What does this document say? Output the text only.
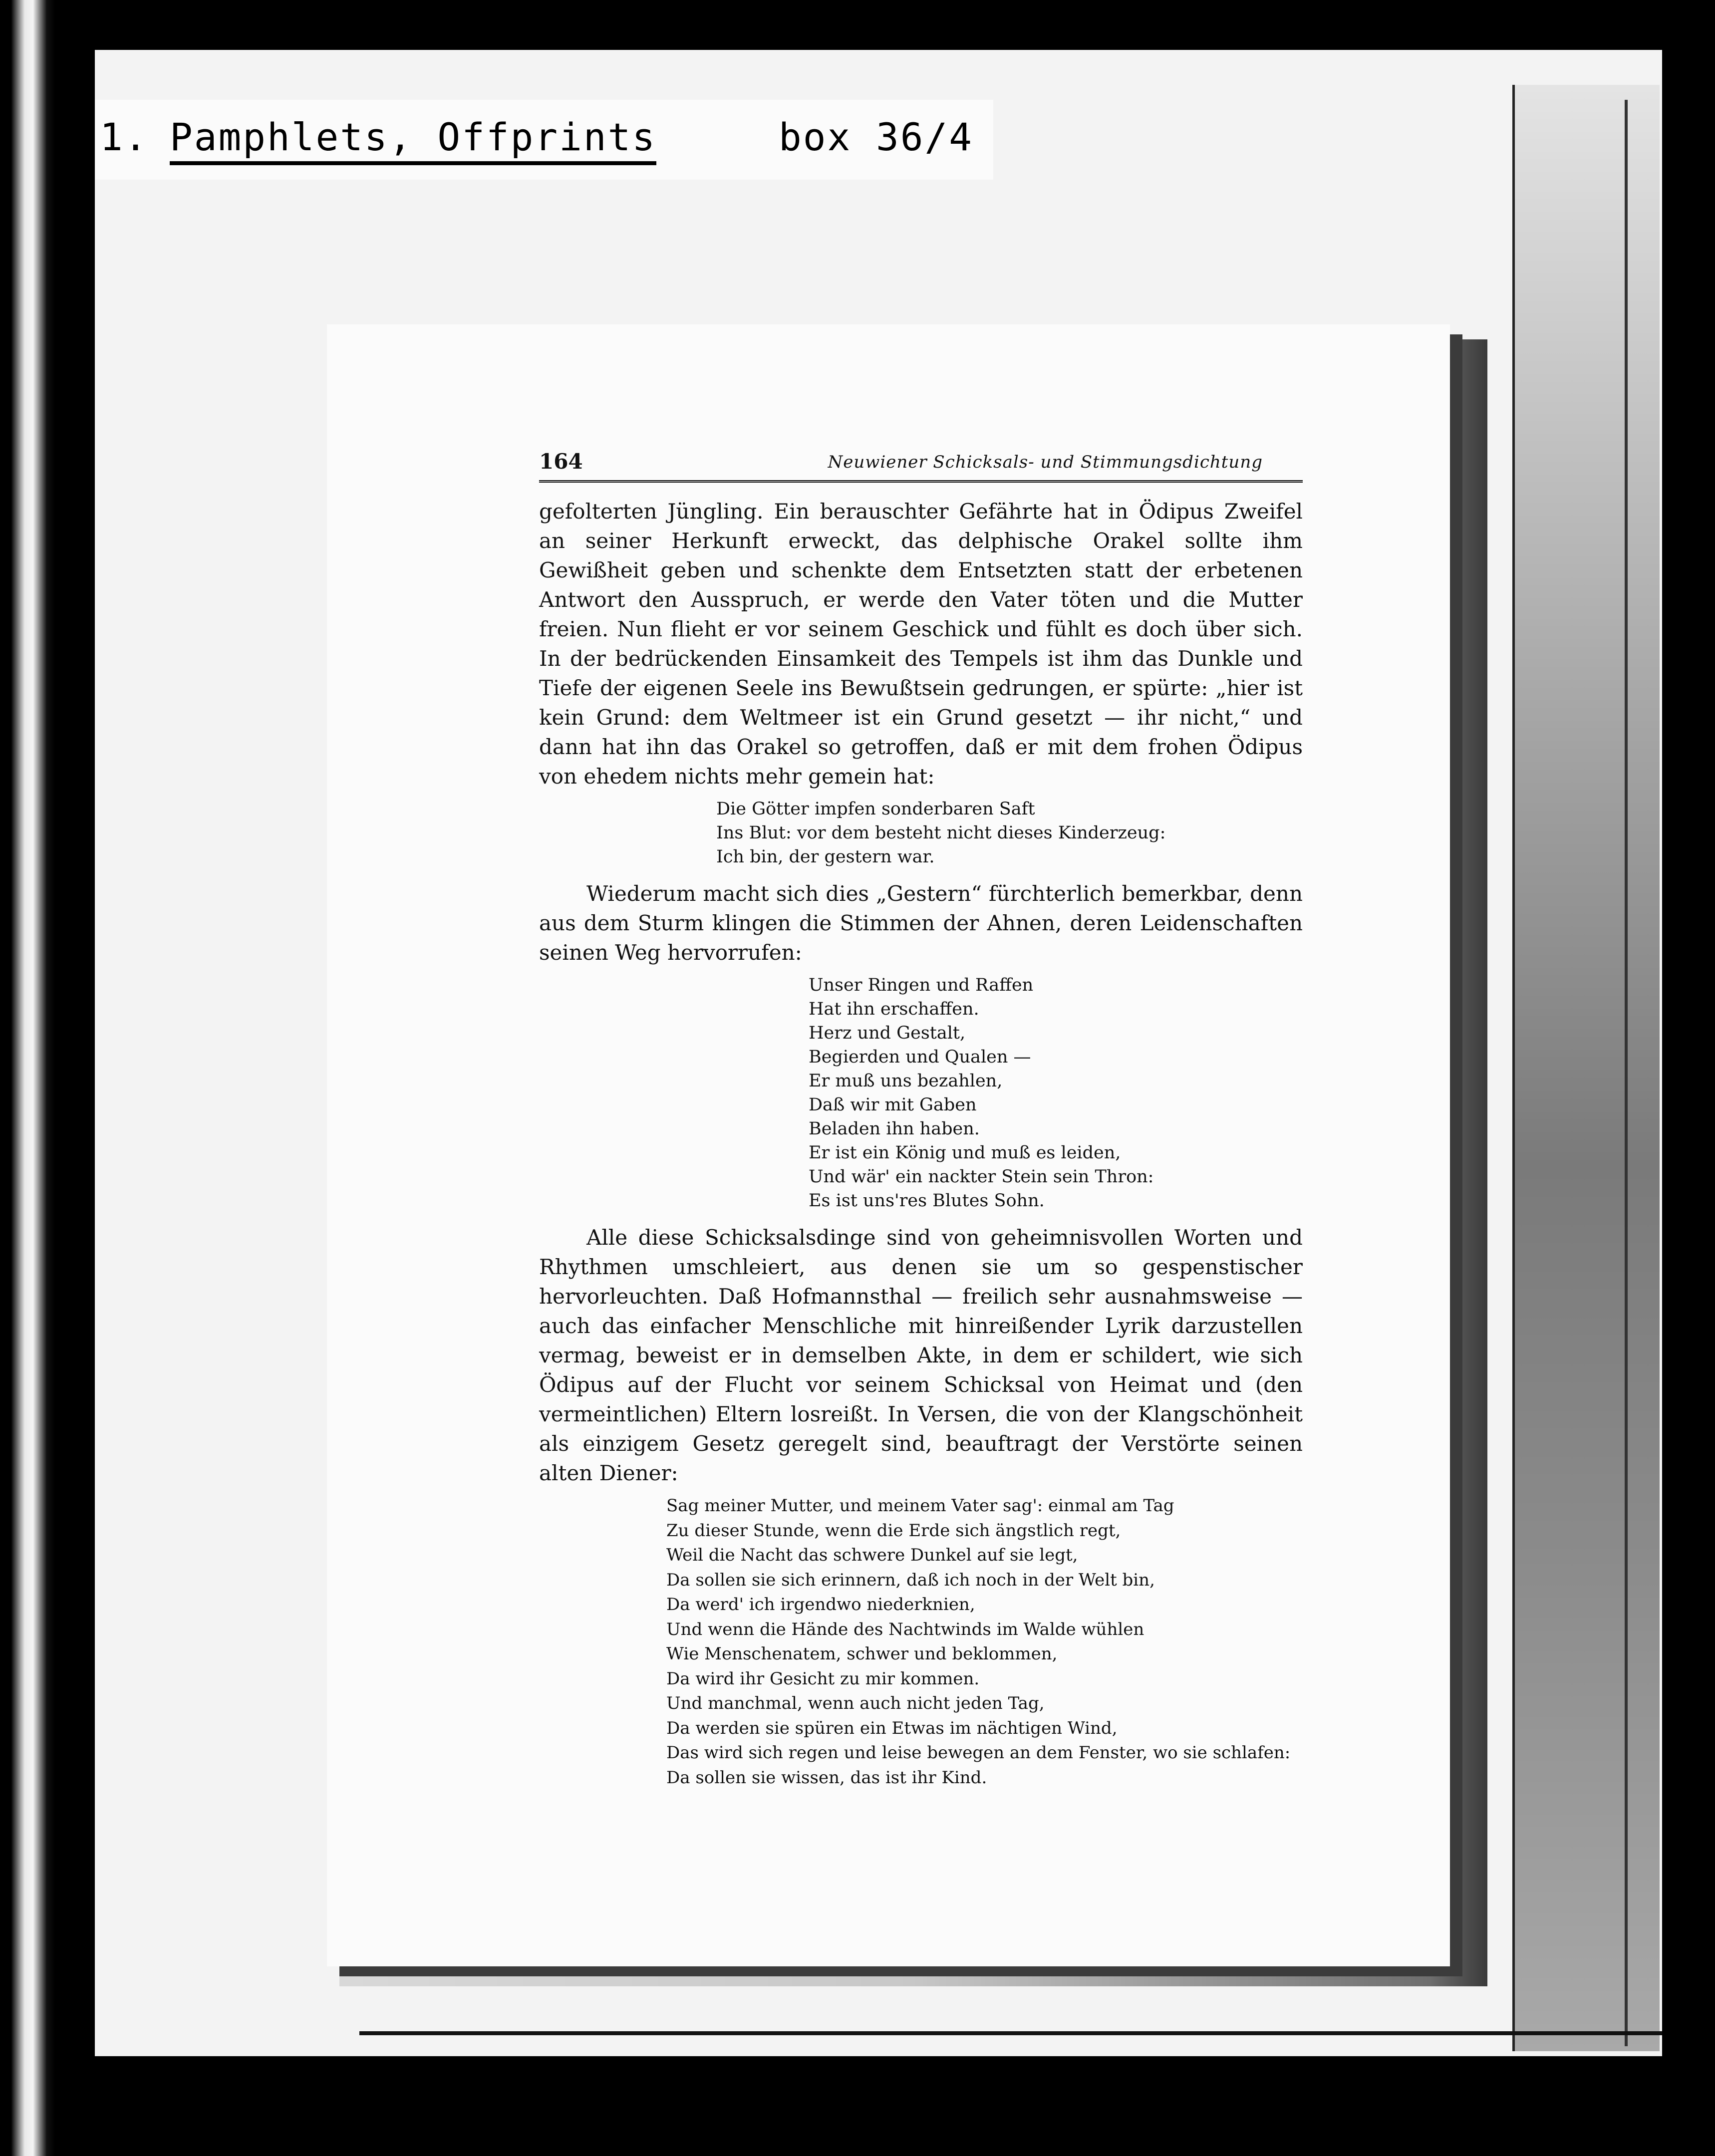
1. Pamphlets, Offprints	box 36/4
164	Neuwiener Schicksals- und Stimmungsdichtung

gefolterten Jüngling. Ein berauschter Gefährte hat in Ödipus Zweifel an seiner Herkunft erweckt, das delphische Orakel sollte ihm Gewißheit geben und schenkte dem Entsetzten statt der erbetenen Antwort den Ausspruch, er werde den Vater töten und die Mutter freien. Nun flieht er vor seinem Geschick und fühlt es doch über sich. In der bedrückenden Einsamkeit des Tempels ist ihm das Dunkle und Tiefe der eigenen Seele ins Bewußtsein gedrungen, er spürte: „hier ist kein Grund: dem Weltmeer ist ein Grund gesetzt — ihr nicht,“ und dann hat ihn das Orakel so getroffen, daß er mit dem frohen Ödipus von ehedem nichts mehr gemein hat:

Die Götter impfen sonderbaren Saft
Ins Blut: vor dem besteht nicht dieses Kinderzeug:
Ich bin, der gestern war.

Wiederum macht sich dies „Gestern“ fürchterlich bemerkbar, denn aus dem Sturm klingen die Stimmen der Ahnen, deren Leidenschaften seinen Weg hervorrufen:

Unser Ringen und Raffen
Hat ihn erschaffen.
Herz und Gestalt,
Begierden und Qualen —
Er muß uns bezahlen,
Daß wir mit Gaben
Beladen ihn haben.
Er ist ein König und muß es leiden,
Und wär' ein nackter Stein sein Thron:
Es ist uns'res Blutes Sohn.

Alle diese Schicksalsdinge sind von geheimnisvollen Worten und Rhythmen umschleiert, aus denen sie um so gespenstischer hervorleuchten. Daß Hofmannsthal — freilich sehr ausnahmsweise — auch das einfacher Menschliche mit hinreißender Lyrik darzustellen vermag, beweist er in demselben Akte, in dem er schildert, wie sich Ödipus auf der Flucht vor seinem Schicksal von Heimat und (den vermeintlichen) Eltern losreißt. In Versen, die von der Klangschönheit als einzigem Gesetz geregelt sind, beauftragt der Verstörte seinen alten Diener:

Sag meiner Mutter, und meinem Vater sag': einmal am Tag
Zu dieser Stunde, wenn die Erde sich ängstlich regt,
Weil die Nacht das schwere Dunkel auf sie legt,
Da sollen sie sich erinnern, daß ich noch in der Welt bin,
Da werd' ich irgendwo niederknien,
Und wenn die Hände des Nachtwinds im Walde wühlen
Wie Menschenatem, schwer und beklommen,
Da wird ihr Gesicht zu mir kommen.
Und manchmal, wenn auch nicht jeden Tag,
Da werden sie spüren ein Etwas im nächtigen Wind,
Das wird sich regen und leise bewegen an dem Fenster, wo sie schlafen:
Da sollen sie wissen, das ist ihr Kind.
